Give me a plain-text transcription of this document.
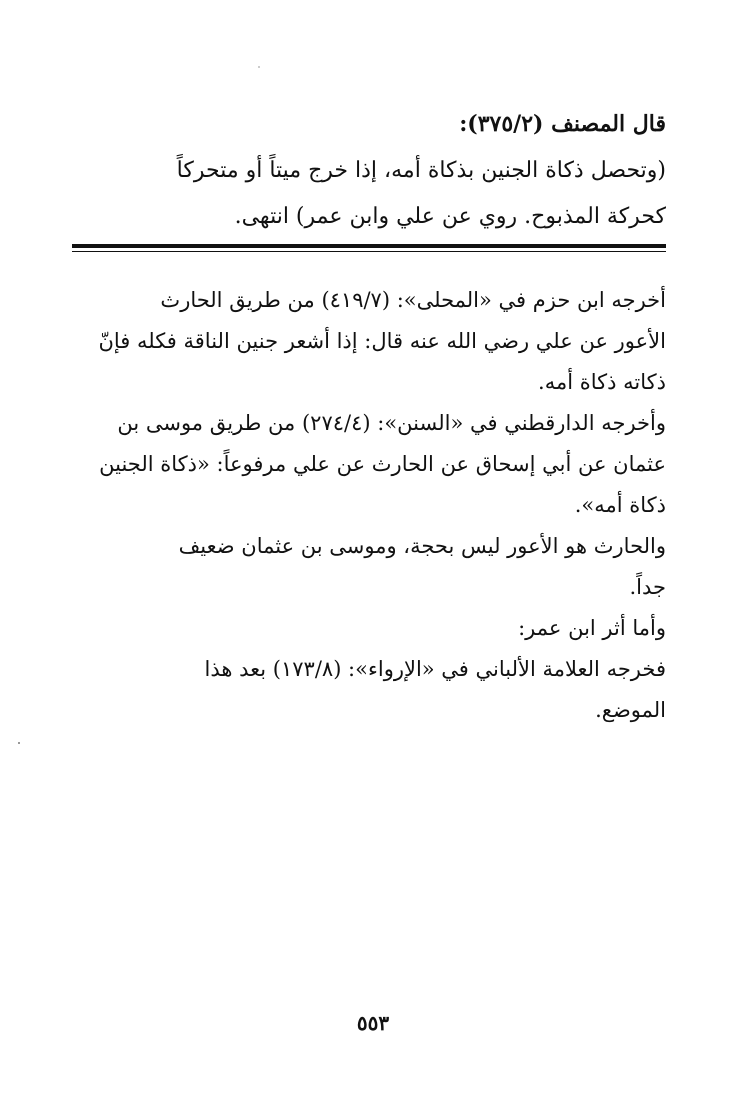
قال المصنف (٣٧٥/٢):
(وتحصل ذكاة الجنين بذكاة أمه، إذا خرج ميتاً أو متحركاً
كحركة المذبوح. روي عن علي وابن عمر) انتهى.
أخرجه ابن حزم في «المحلى»: (٤١٩/٧) من طريق الحارث
الأعور عن علي رضي الله عنه قال: إذا أشعر جنين الناقة فكله فإنّ
ذكاته ذكاة أمه.
وأخرجه الدارقطني في «السنن»: (٢٧٤/٤) من طريق موسى بن
عثمان عن أبي إسحاق عن الحارث عن علي مرفوعاً: «ذكاة الجنين
ذكاة أمه».
والحارث هو الأعور ليس بحجة، وموسى بن عثمان ضعيف
جداً.
وأما أثر ابن عمر:
فخرجه العلامة الألباني في «الإرواء»: (١٧٣/٨) بعد هذا
الموضع.
٥٥٣
